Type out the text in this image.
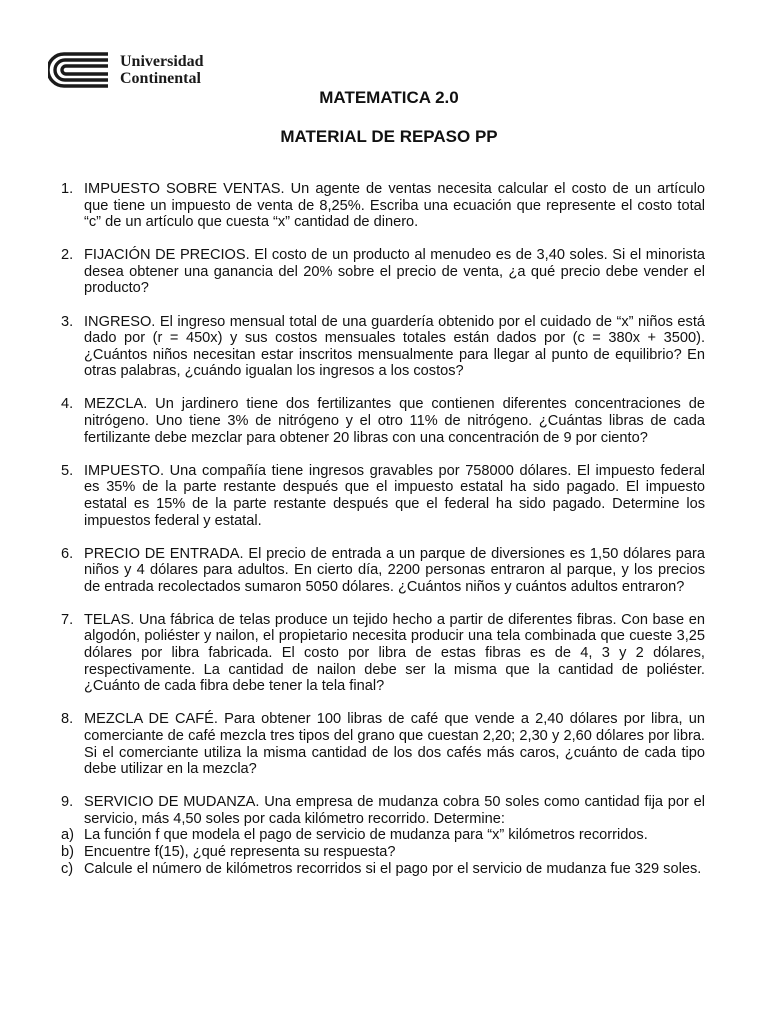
Universidad
Continental
MATEMATICA 2.0
MATERIAL DE REPASO PP
1. IMPUESTO SOBRE VENTAS. Un agente de ventas necesita calcular el costo de un artículo que tiene un impuesto de venta de 8,25%. Escriba una ecuación que represente el costo total “c” de un artículo que cuesta “x” cantidad de dinero.
2. FIJACIÓN DE PRECIOS. El costo de un producto al menudeo es de 3,40 soles. Si el minorista desea obtener una ganancia del 20% sobre el precio de venta, ¿a qué precio debe vender el producto?
3. INGRESO. El ingreso mensual total de una guardería obtenido por el cuidado de “x” niños está dado por (r = 450x) y sus costos mensuales totales están dados por (c = 380x + 3500). ¿Cuántos niños necesitan estar inscritos mensualmente para llegar al punto de equilibrio? En otras palabras, ¿cuándo igualan los ingresos a los costos?
4. MEZCLA. Un jardinero tiene dos fertilizantes que contienen diferentes concentraciones de nitrógeno. Uno tiene 3% de nitrógeno y el otro 11% de nitrógeno. ¿Cuántas libras de cada fertilizante debe mezclar para obtener 20 libras con una concentración de 9 por ciento?
5. IMPUESTO. Una compañía tiene ingresos gravables por 758000 dólares. El impuesto federal es 35% de la parte restante después que el impuesto estatal ha sido pagado. El impuesto estatal es 15% de la parte restante después que el federal ha sido pagado. Determine los impuestos federal y estatal.
6. PRECIO DE ENTRADA. El precio de entrada a un parque de diversiones es 1,50 dólares para niños y 4 dólares para adultos. En cierto día, 2200 personas entraron al parque, y los precios de entrada recolectados sumaron 5050 dólares. ¿Cuántos niños y cuántos adultos entraron?
7. TELAS. Una fábrica de telas produce un tejido hecho a partir de diferentes fibras. Con base en algodón, poliéster y nailon, el propietario necesita producir una tela combinada que cueste 3,25 dólares por libra fabricada. El costo por libra de estas fibras es de 4, 3 y 2 dólares, respectivamente. La cantidad de nailon debe ser la misma que la cantidad de poliéster. ¿Cuánto de cada fibra debe tener la tela final?
8. MEZCLA DE CAFÉ. Para obtener 100 libras de café que vende a 2,40 dólares por libra, un comerciante de café mezcla tres tipos del grano que cuestan 2,20; 2,30 y 2,60 dólares por libra. Si el comerciante utiliza la misma cantidad de los dos cafés más caros, ¿cuánto de cada tipo debe utilizar en la mezcla?
9. SERVICIO DE MUDANZA. Una empresa de mudanza cobra 50 soles como cantidad fija por el servicio, más 4,50 soles por cada kilómetro recorrido. Determine:
a) La función f que modela el pago de servicio de mudanza para “x” kilómetros recorridos.
b) Encuentre f(15), ¿qué representa su respuesta?
c) Calcule el número de kilómetros recorridos si el pago por el servicio de mudanza fue 329 soles.
